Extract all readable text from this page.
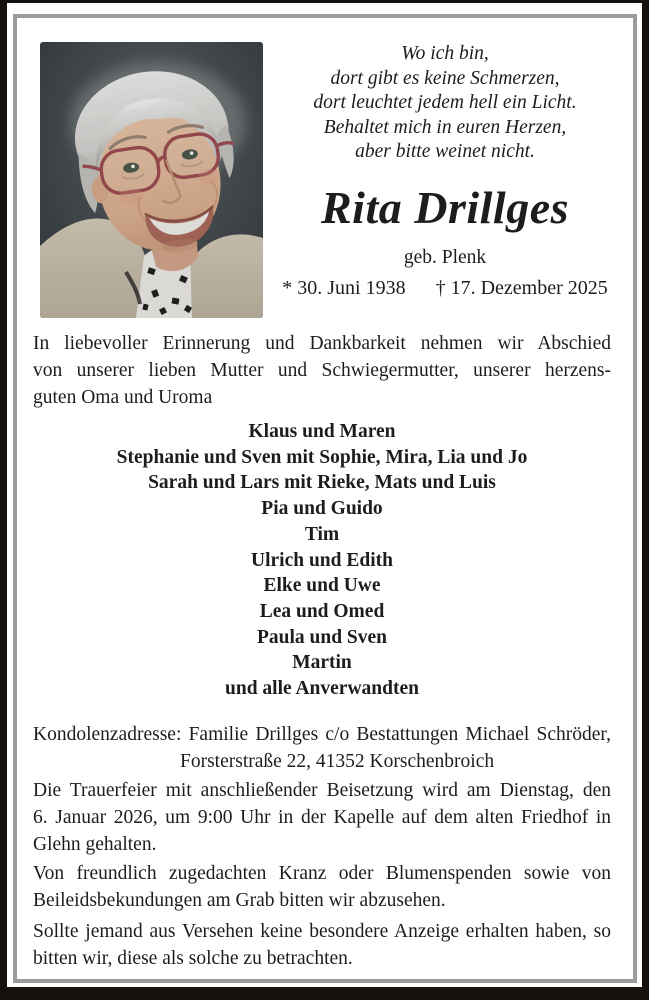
Wo ich bin,
dort gibt es keine Schmerzen,
dort leuchtet jedem hell ein Licht.
Behaltet mich in euren Herzen,
aber bitte weinet nicht.
Rita Drillges
geb. Plenk
* 30. Juni 1938 † 17. Dezember 2025
In liebevoller Erinnerung und Dankbarkeit nehmen wir Abschied
von unserer lieben Mutter und Schwiegermutter, unserer herzens-
guten Oma und Uroma
Klaus und Maren
Stephanie und Sven mit Sophie, Mira, Lia und Jo
Sarah und Lars mit Rieke, Mats und Luis
Pia und Guido
Tim
Ulrich und Edith
Elke und Uwe
Lea und Omed
Paula und Sven
Martin
und alle Anverwandten
Kondolenzadresse: Familie Drillges c/o Bestattungen Michael Schröder,
Forsterstraße 22, 41352 Korschenbroich
Die Trauerfeier mit anschließender Beisetzung wird am Dienstag, den
6. Januar 2026, um 9:00 Uhr in der Kapelle auf dem alten Friedhof in
Glehn gehalten.
Von freundlich zugedachten Kranz oder Blumenspenden sowie von
Beileidsbekundungen am Grab bitten wir abzusehen.
Sollte jemand aus Versehen keine besondere Anzeige erhalten haben, so
bitten wir, diese als solche zu betrachten.
